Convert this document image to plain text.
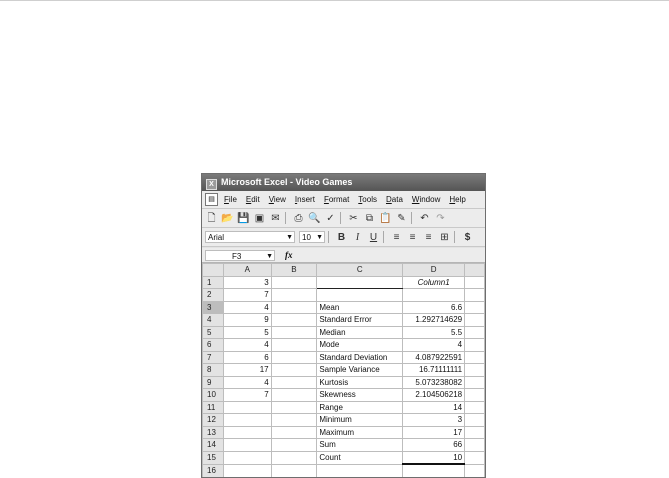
X Microsoft Excel - Video Games
▤	File Edit View Insert Format Tools Data Window Help
🗋 📂 💾 ▣ ✉ ⎙ 🔍 ✓ ✂ ⧉ 📋 ✎ ↶ ↷
Arial	▼	10 ▼ B	I	U	≡	≡	≡ ⊞	$
F3	▼ fx
	A	B	C	D	
1	3			Column1	
2	7				
3	4		Mean	6.6	
4	9		Standard Error	1.292714629	
5	5		Median	5.5	
6	4		Mode	4	
7	6		Standard Deviation	4.087922591	
8	17		Sample Variance	16.71111111	
9	4		Kurtosis	5.073238082	
10	7		Skewness	2.104506218	
11			Range	14	
12			Minimum	3	
13			Maximum	17	
14			Sum	66	
15			Count	10	
16					
